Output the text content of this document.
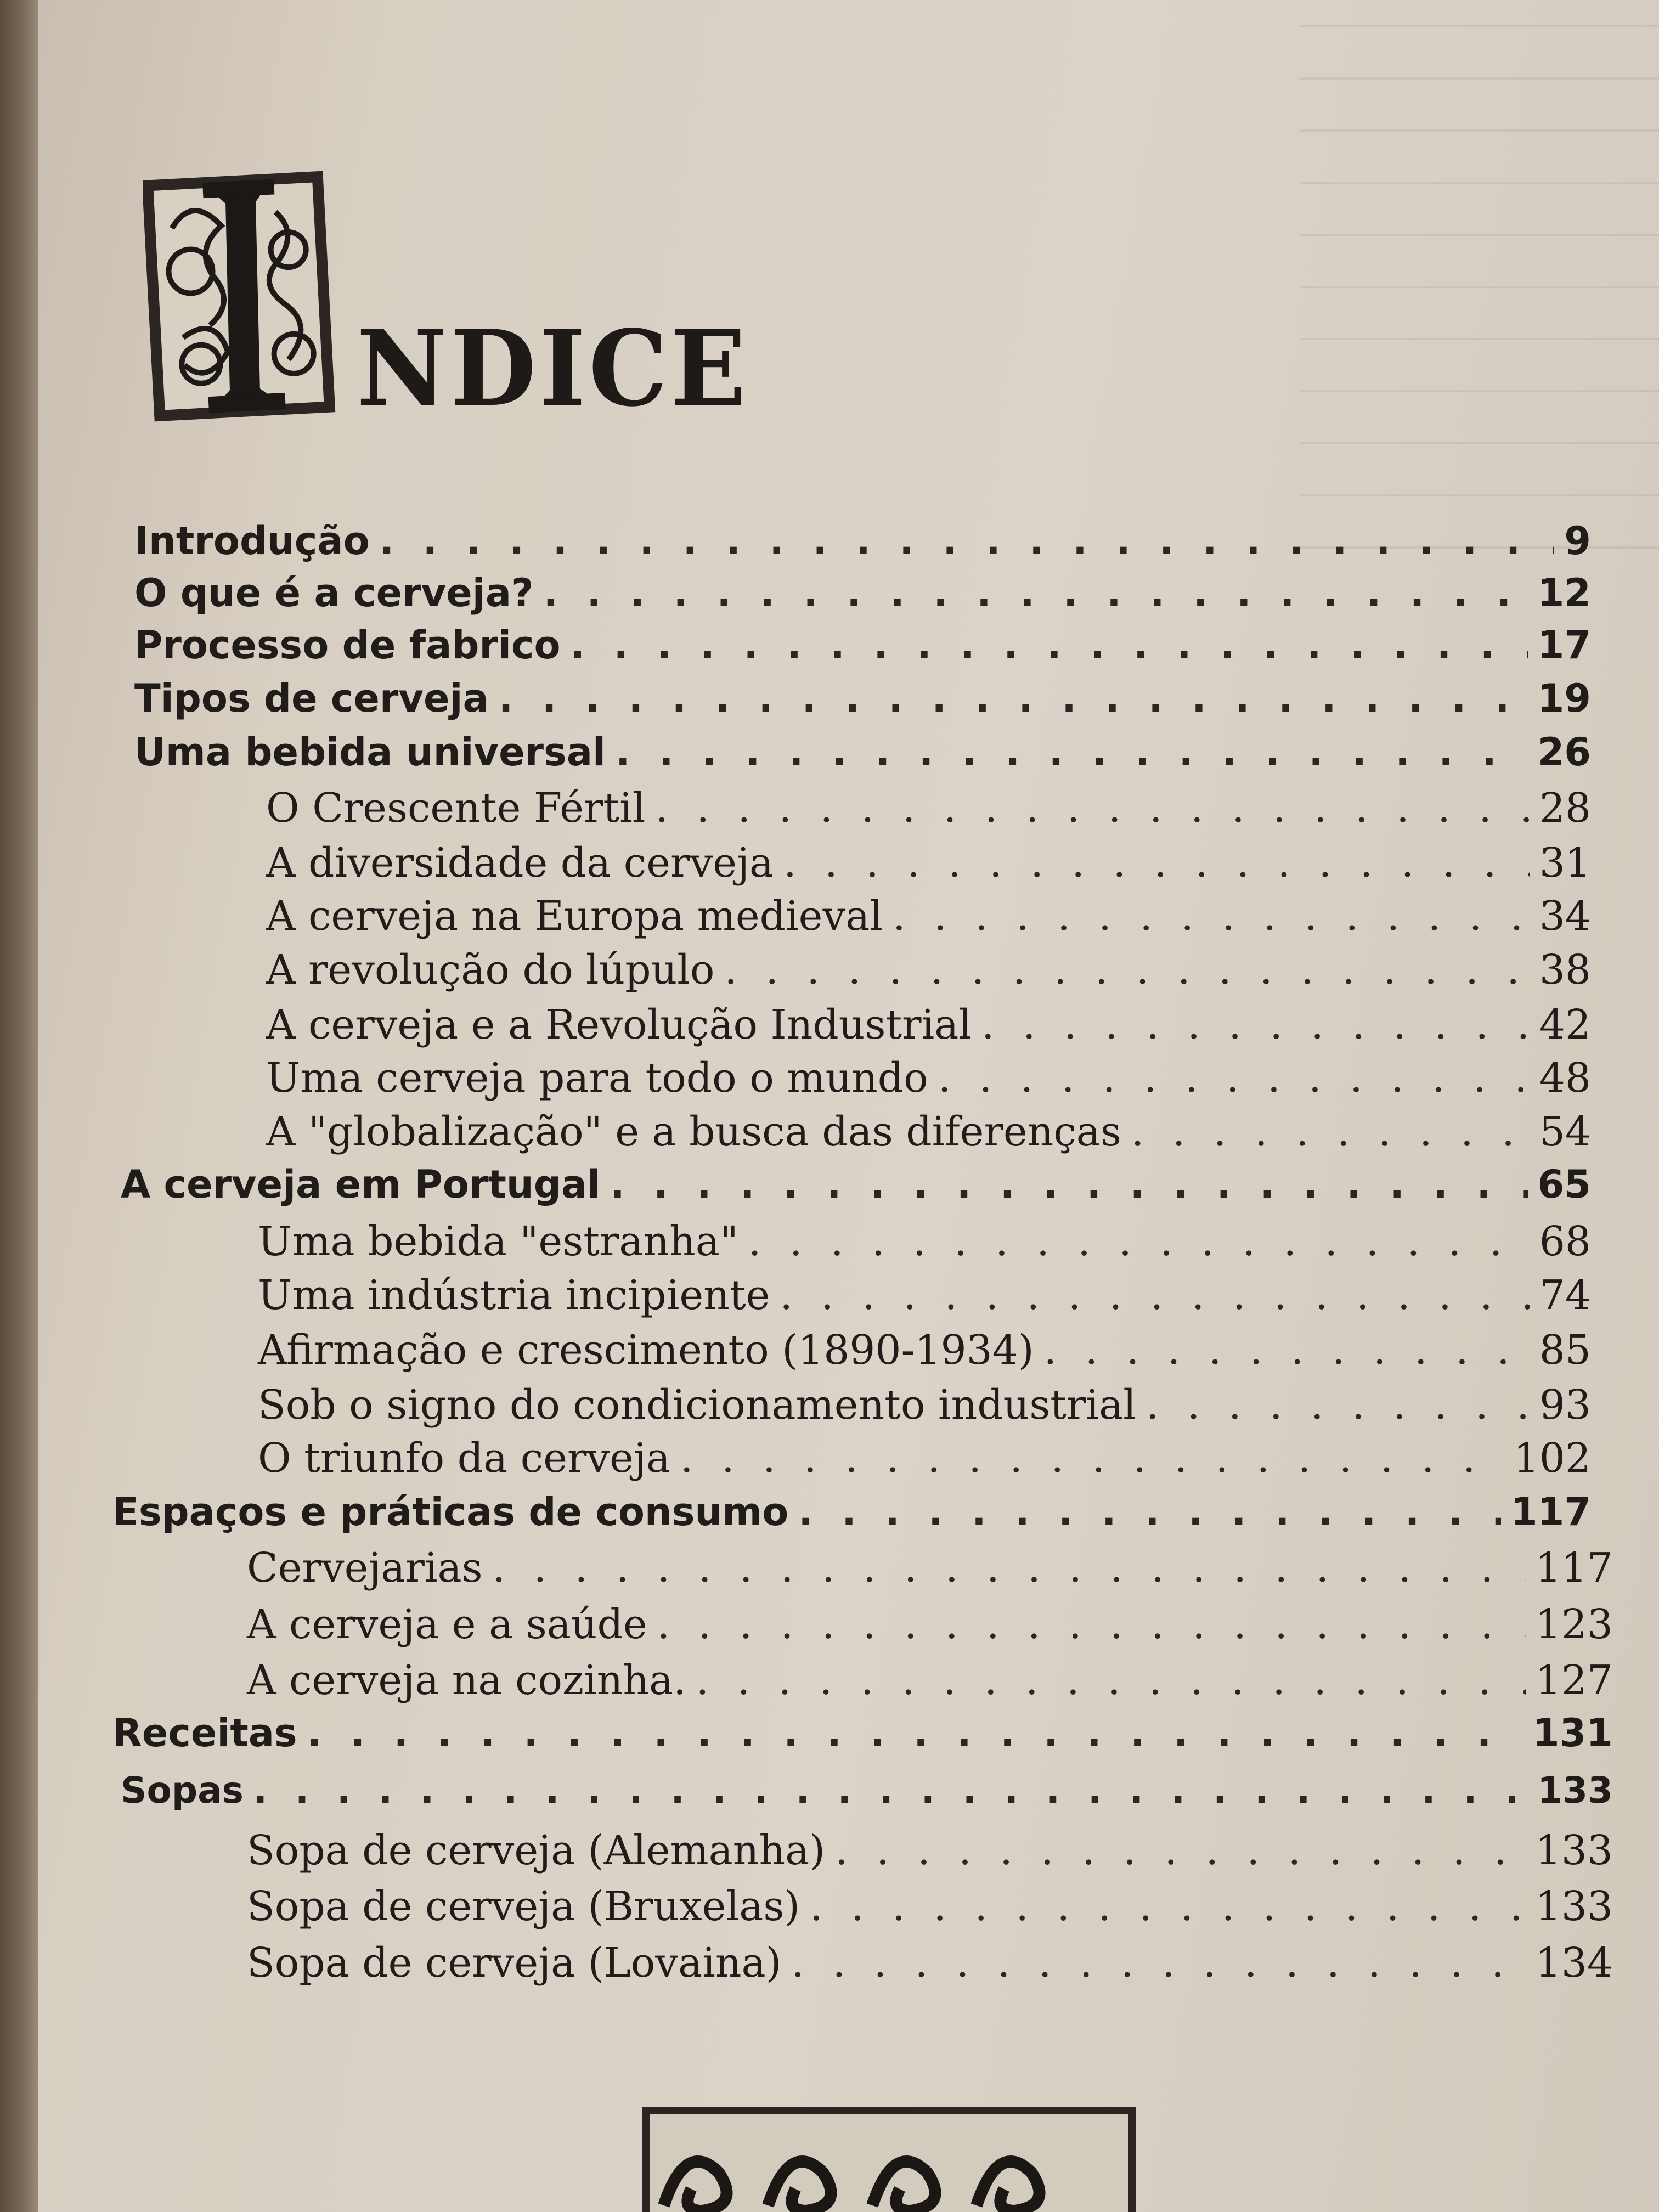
NDICE
Introdução . . .	9
O que é a cerveja? . . .	12
Processo de fabrico . . .	17
Tipos de cerveja . . .	19
Uma bebida universal . . .	26
O Crescente Fértil . . .	28
A diversidade da cerveja . . .	31
A cerveja na Europa medieval . . .	34
A revolução do lúpulo . . .	38
A cerveja e a Revolução Industrial . . .	42
Uma cerveja para todo o mundo . . .	48
A "globalização" e a busca das diferenças . . .	54
A cerveja em Portugal . . .	65
Uma bebida "estranha" . . .	68
Uma indústria incipiente . . .	74
Afirmação e crescimento (1890-1934) . . .	85
Sob o signo do condicionamento industrial . . .	93
O triunfo da cerveja . . .	102
Espaços e práticas de consumo . . .	117
Cervejarias . . .	117
A cerveja e a saúde . . .	123
A cerveja na cozinha. . . .	127
Receitas . . .	131
Sopas . . .	133
Sopa de cerveja (Alemanha) . . .	133
Sopa de cerveja (Bruxelas) . . .	133
Sopa de cerveja (Lovaina) . . .	134
